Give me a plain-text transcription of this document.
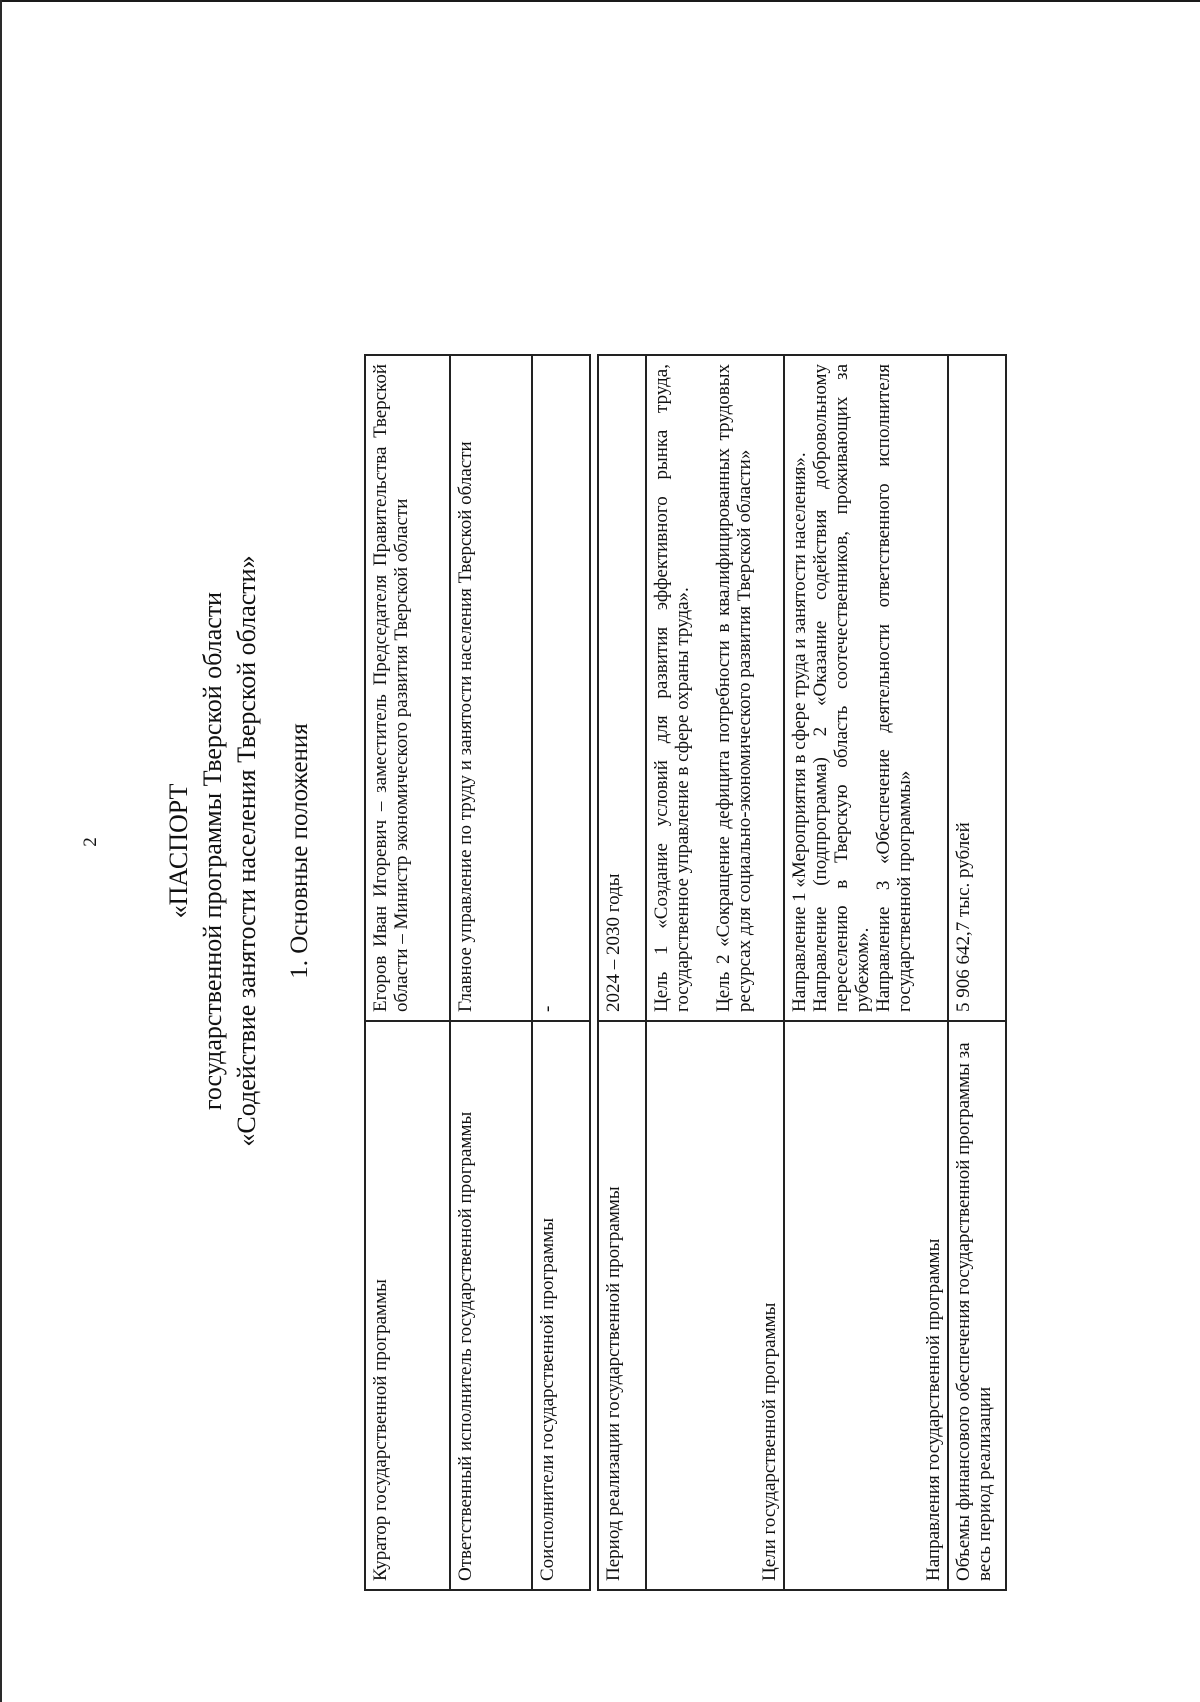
2 «ПАСПОРТ государственной программы Тверской области «Содействие занятости населения Тверской области» 1. Основные положения
Куратор государственной программы	Егоров Иван Игоревич – заместитель Председателя Правительства Тверской области – Министр экономического развития Тверской области
Ответственный исполнитель государственной программы	Главное управление по труду и занятости населения Тверской области
Соисполнители государственной программы	-
Период реализации государственной программы	2024 – 2030 годы
Цели государственной программы	Цель 1 «Создание условий для развития эффективного рынка труда, государственное управление в сфере охраны труда». Цель 2 «Сокращение дефицита потребности в квалифицированных трудовых ресурсах для социально-экономического развития Тверской области»

Направления государственной программы	Направление 1 «Мероприятия в сфере труда и занятости населения». Направление (подпрограмма) 2 «Оказание содействия добровольному переселению в Тверскую область соотечественников, проживающих за рубежом». Направление 3 «Обеспечение деятельности ответственного исполнителя государственной программы»

Объемы финансового обеспечения государственной программы за весь период реализации	5 906 642,7 тыс. рублей
